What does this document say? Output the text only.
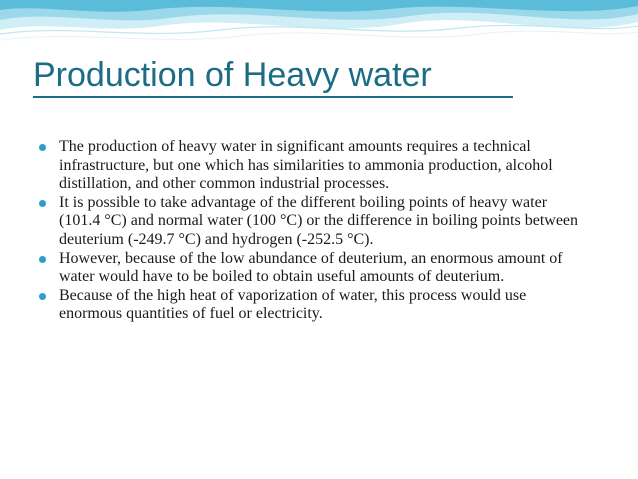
Production of Heavy water
The production of heavy water in significant amounts requires a technical infrastructure, but one which has similarities to ammonia production, alcohol distillation, and other common industrial processes.
It is possible to take advantage of the different boiling points of heavy water (101.4 °C) and normal water (100 °C) or the difference in boiling points between deuterium (-249.7 °C) and hydrogen (-252.5 °C).
However, because of the low abundance of deuterium, an enormous amount of water would have to be boiled to obtain useful amounts of deuterium.
Because of the high heat of vaporization of water, this process would use enormous quantities of fuel or electricity.
